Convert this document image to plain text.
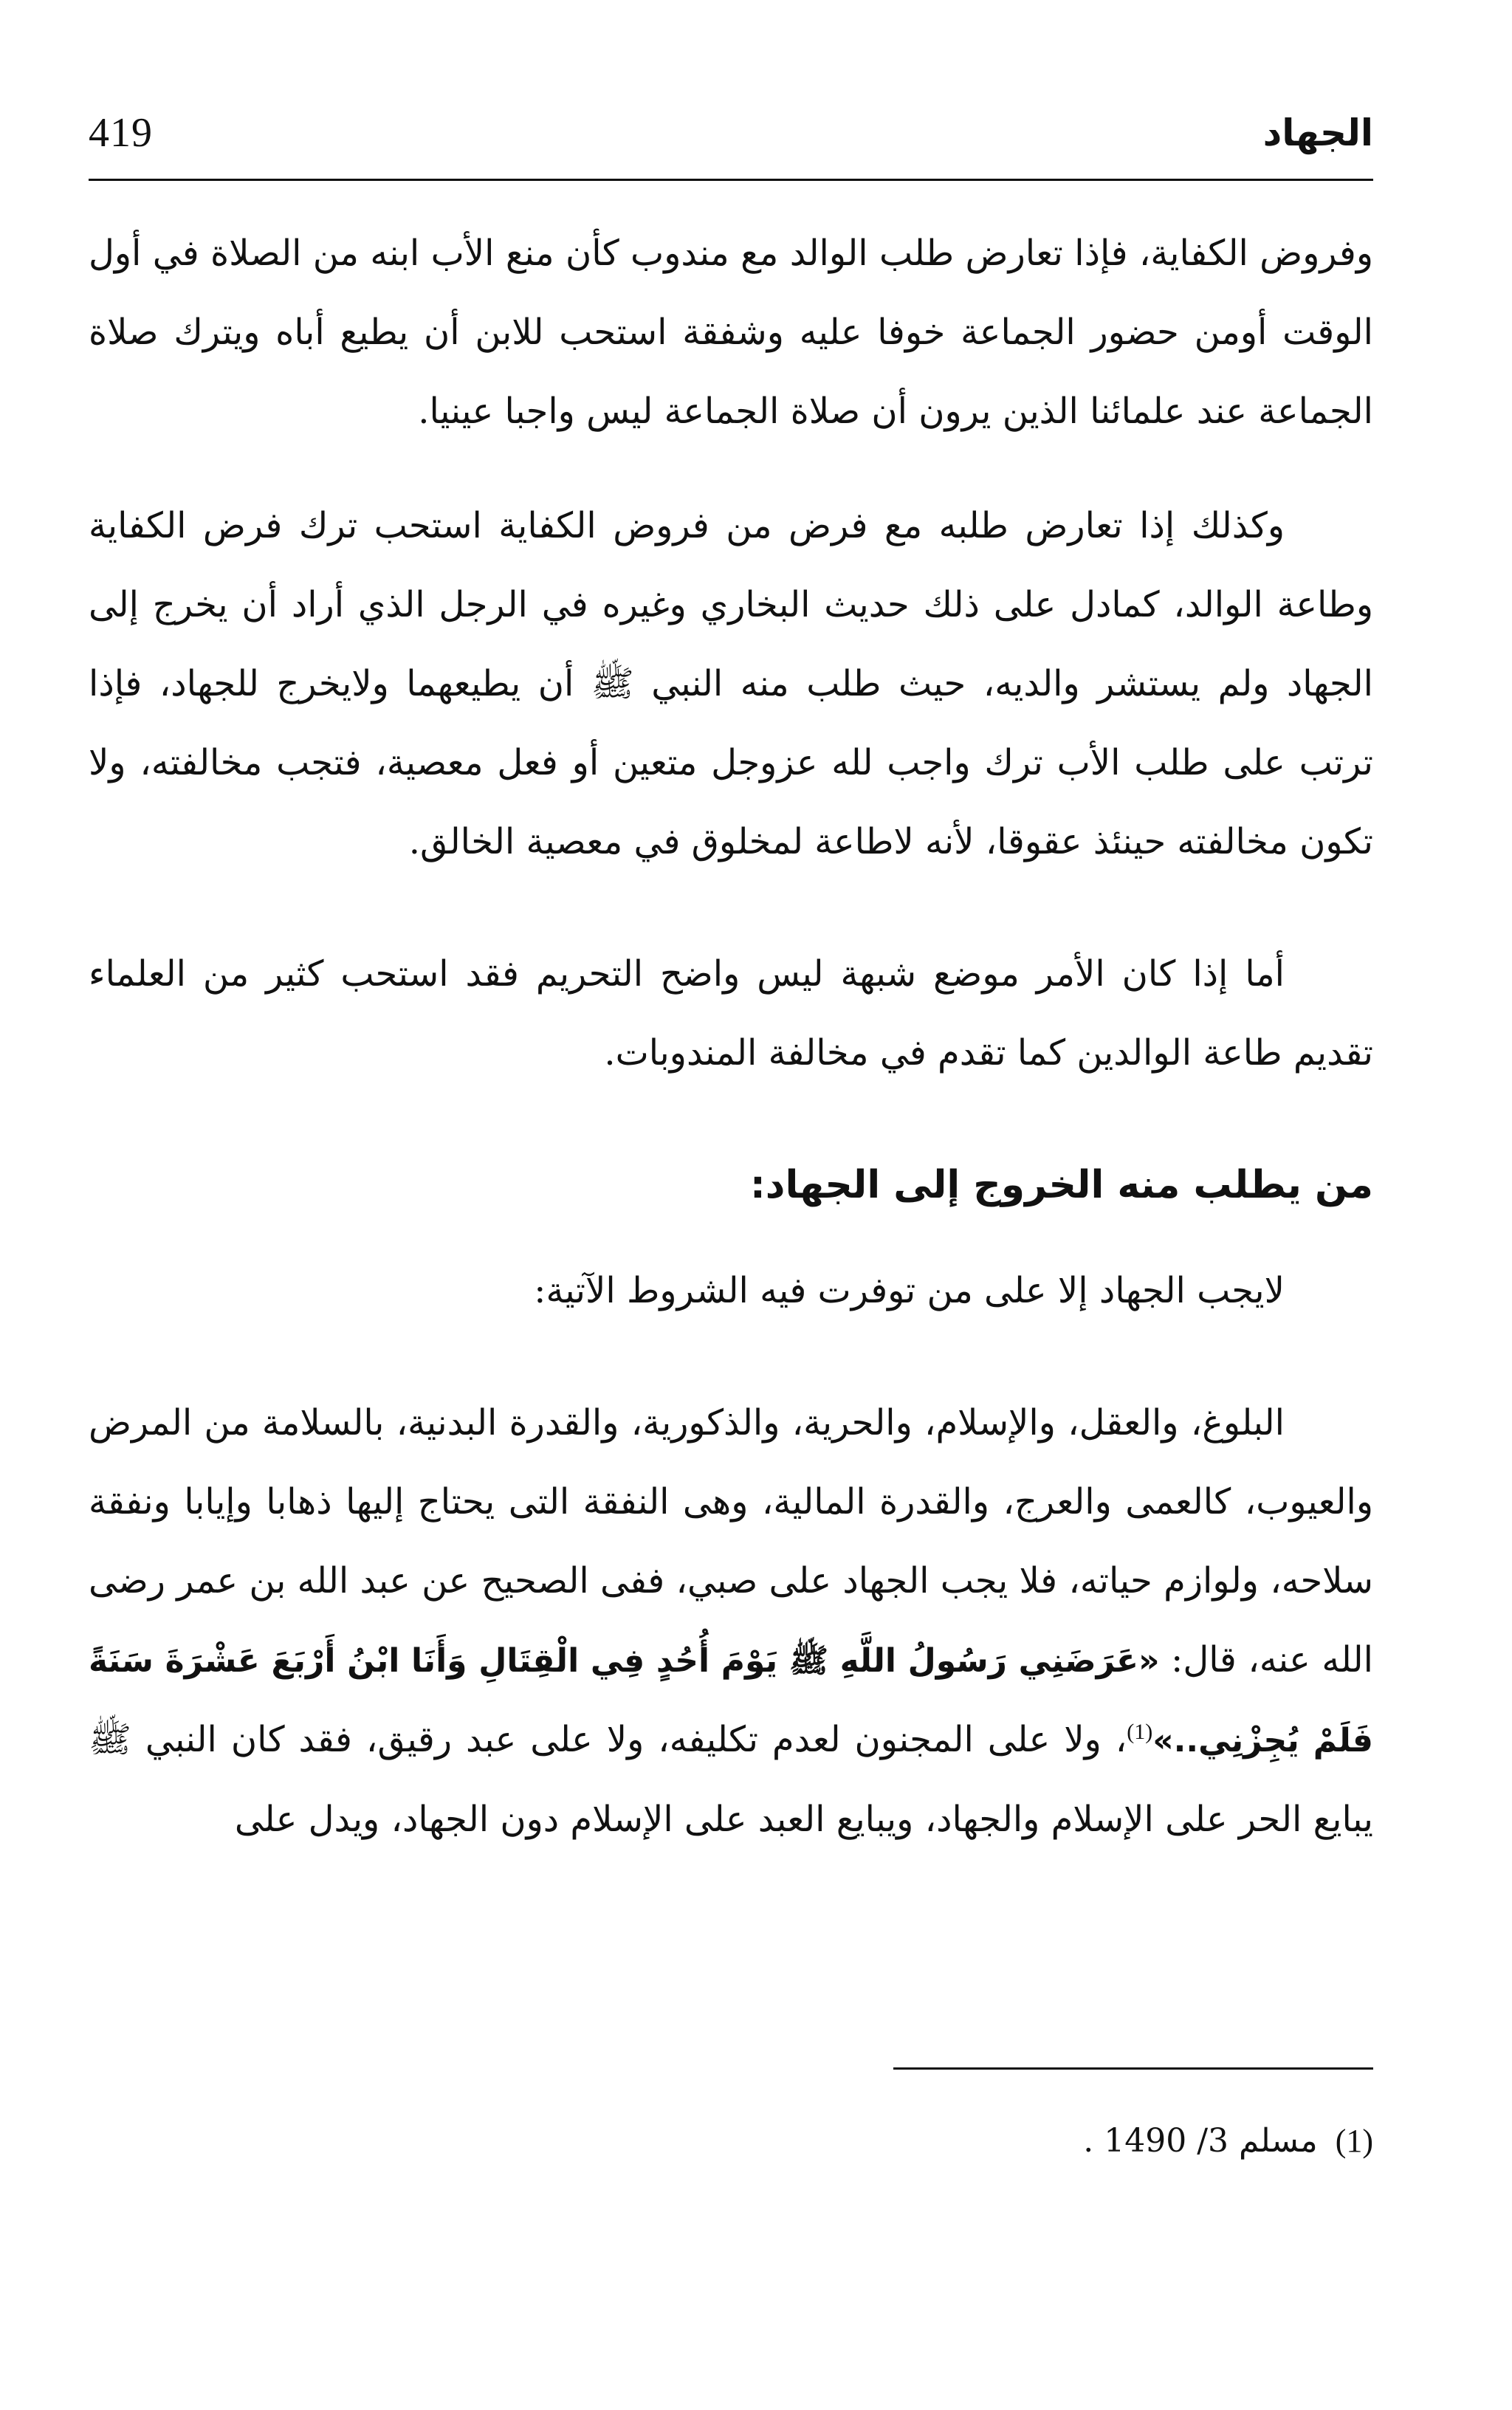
419	الجهاد

وفروض الكفاية، فإذا تعارض طلب الوالد مع مندوب كأن منع الأب ابنه من الصلاة في أول الوقت أومن حضور الجماعة خوفا عليه وشفقة استحب للابن أن يطيع أباه ويترك صلاة الجماعة عند علمائنا الذين يرون أن صلاة الجماعة ليس واجبا عينيا.

وكذلك إذا تعارض طلبه مع فرض من فروض الكفاية استحب ترك فرض الكفاية وطاعة الوالد، كمادل على ذلك حديث البخاري وغيره في الرجل الذي أراد أن يخرج إلى الجهاد ولم يستشر والديه، حيث طلب منه النبي ﷺ أن يطيعهما ولايخرج للجهاد، فإذا ترتب على طلب الأب ترك واجب لله عزوجل متعين أو فعل معصية، فتجب مخالفته، ولا تكون مخالفته حينئذ عقوقا، لأنه لاطاعة لمخلوق في معصية الخالق.

أما إذا كان الأمر موضع شبهة ليس واضح التحريم فقد استحب كثير من العلماء تقديم طاعة الوالدين كما تقدم في مخالفة المندوبات.

من يطلب منه الخروج إلى الجهاد:

لايجب الجهاد إلا على من توفرت فيه الشروط الآتية:

البلوغ، والعقل، والإسلام، والحرية، والذكورية، والقدرة البدنية، بالسلامة من المرض والعيوب، كالعمى والعرج، والقدرة المالية، وهى النفقة التى يحتاج إليها ذهابا وإيابا ونفقة سلاحه، ولوازم حياته، فلا يجب الجهاد على صبي، ففى الصحيح عن عبد الله بن عمر رضى الله عنه، قال: «عَرَضَنِي رَسُولُ اللَّهِ ﷺ يَوْمَ أُحُدٍ فِي الْقِتَالِ وَأَنَا ابْنُ أَرْبَعَ عَشْرَةَ سَنَةً فَلَمْ يُجِزْنِي..»$^{(1)}$، ولا على المجنون لعدم تكليفه، ولا على عبد رقيق، فقد كان النبي ﷺ يبايع الحر على الإسلام والجهاد، ويبايع العبد على الإسلام دون الجهاد، ويدل على

(1)مسلم 3/ 1490 .
